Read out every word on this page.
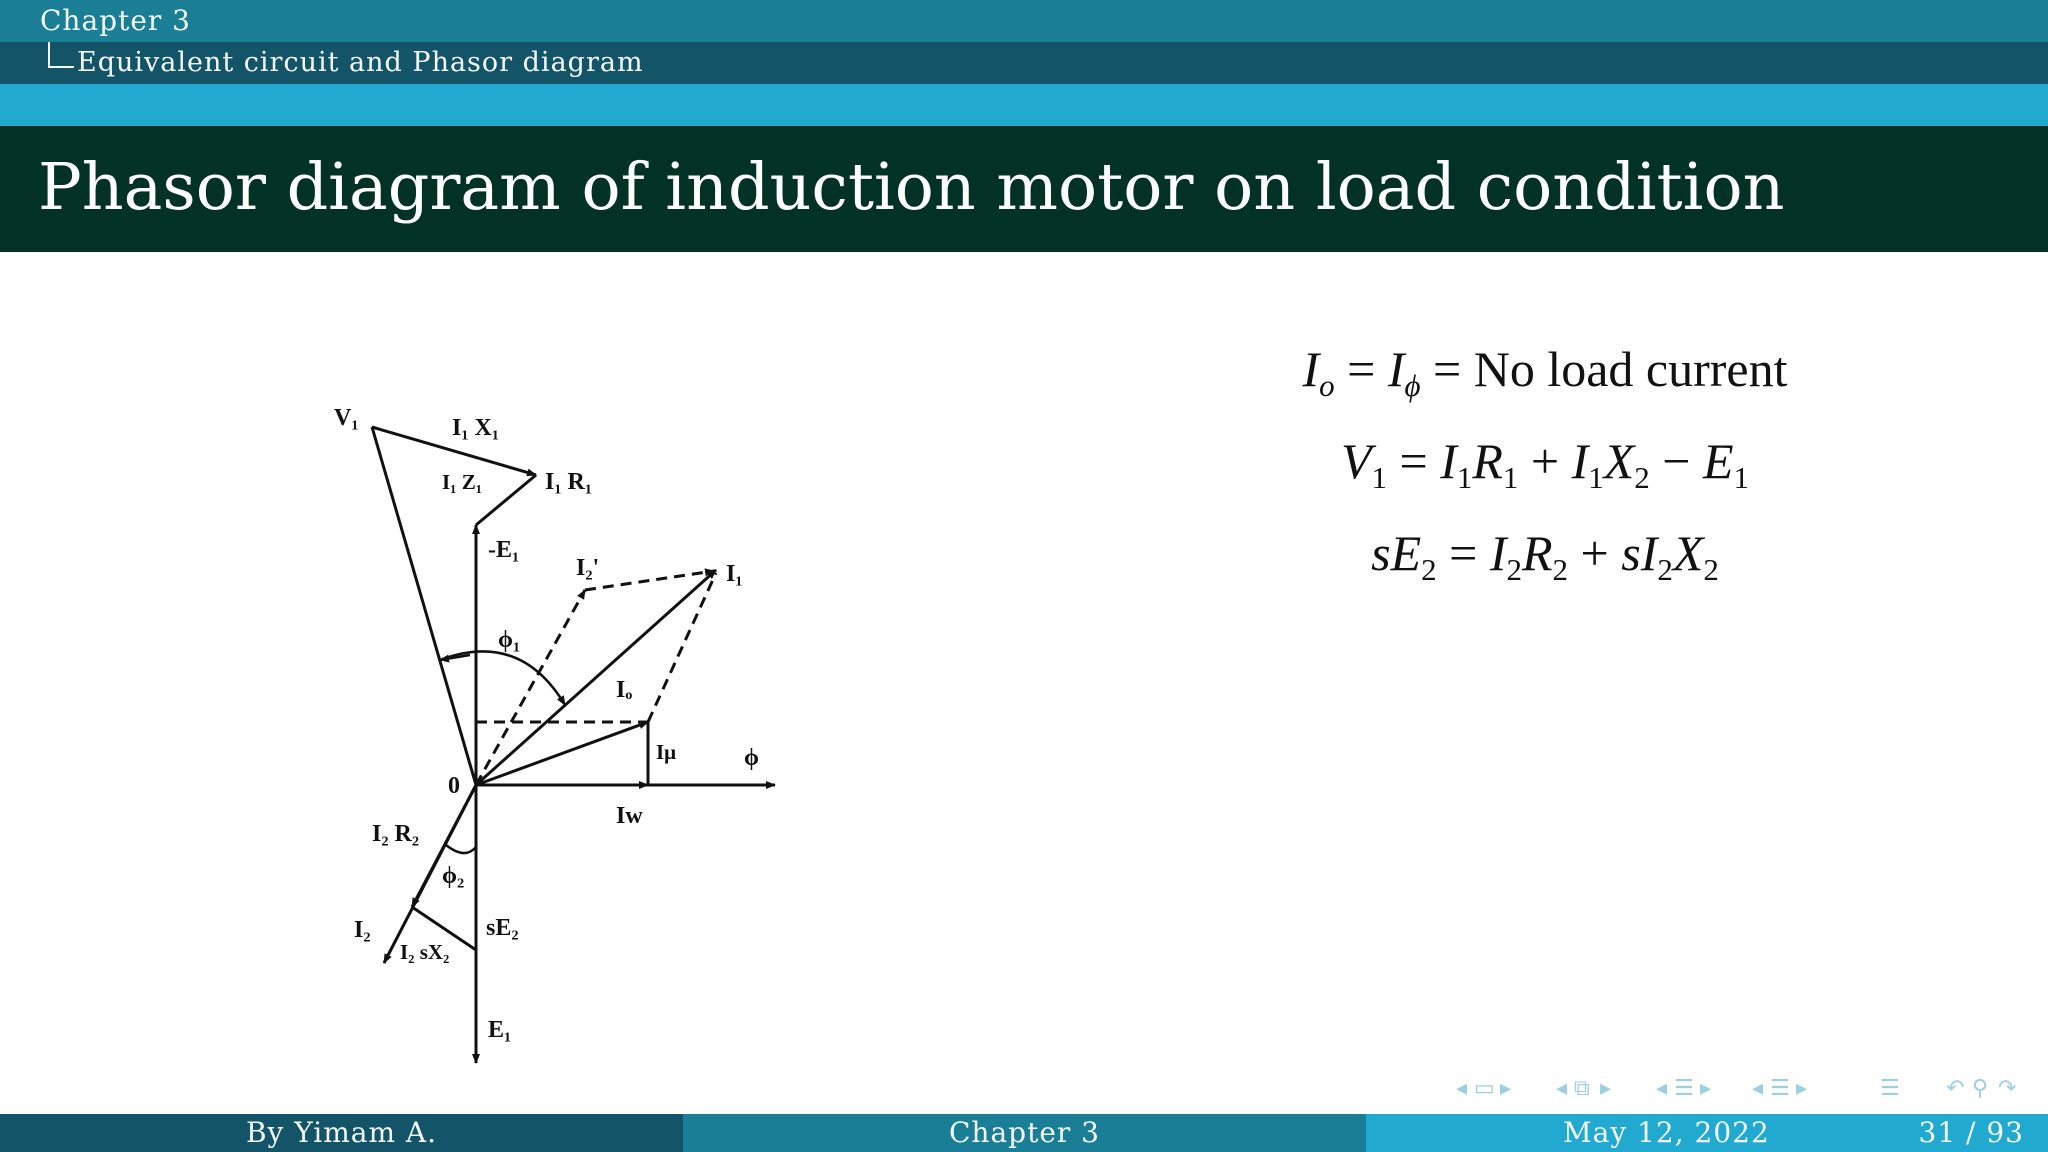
Chapter 3
Equivalent circuit and Phasor diagram
Phasor diagram of induction motor on load condition
V₁	I₁ X₁
I₁ Z₁	I₁ R₁
-E₁
I₂'	I₁
ϕ₁
Iₒ
Iμ	ϕ
0
Iw
I₂ R₂
ϕ₂
I₂	sE₂
I₂ sX₂
E₁
$I_o = I_\phi = No$ load current
$V_1 = I_1R_1 + I_1X_2 - E_1$
$sE_2 = I_2R_2 + sI_2X_2$
◂ ▭ ▸ ◂ ⧉ ▸ ◂ ☰ ▸ ◂ ☰ ▸	☰ ↶ ⚲ ↷
By Yimam A.	Chapter 3	May 12, 2022	31 / 93
